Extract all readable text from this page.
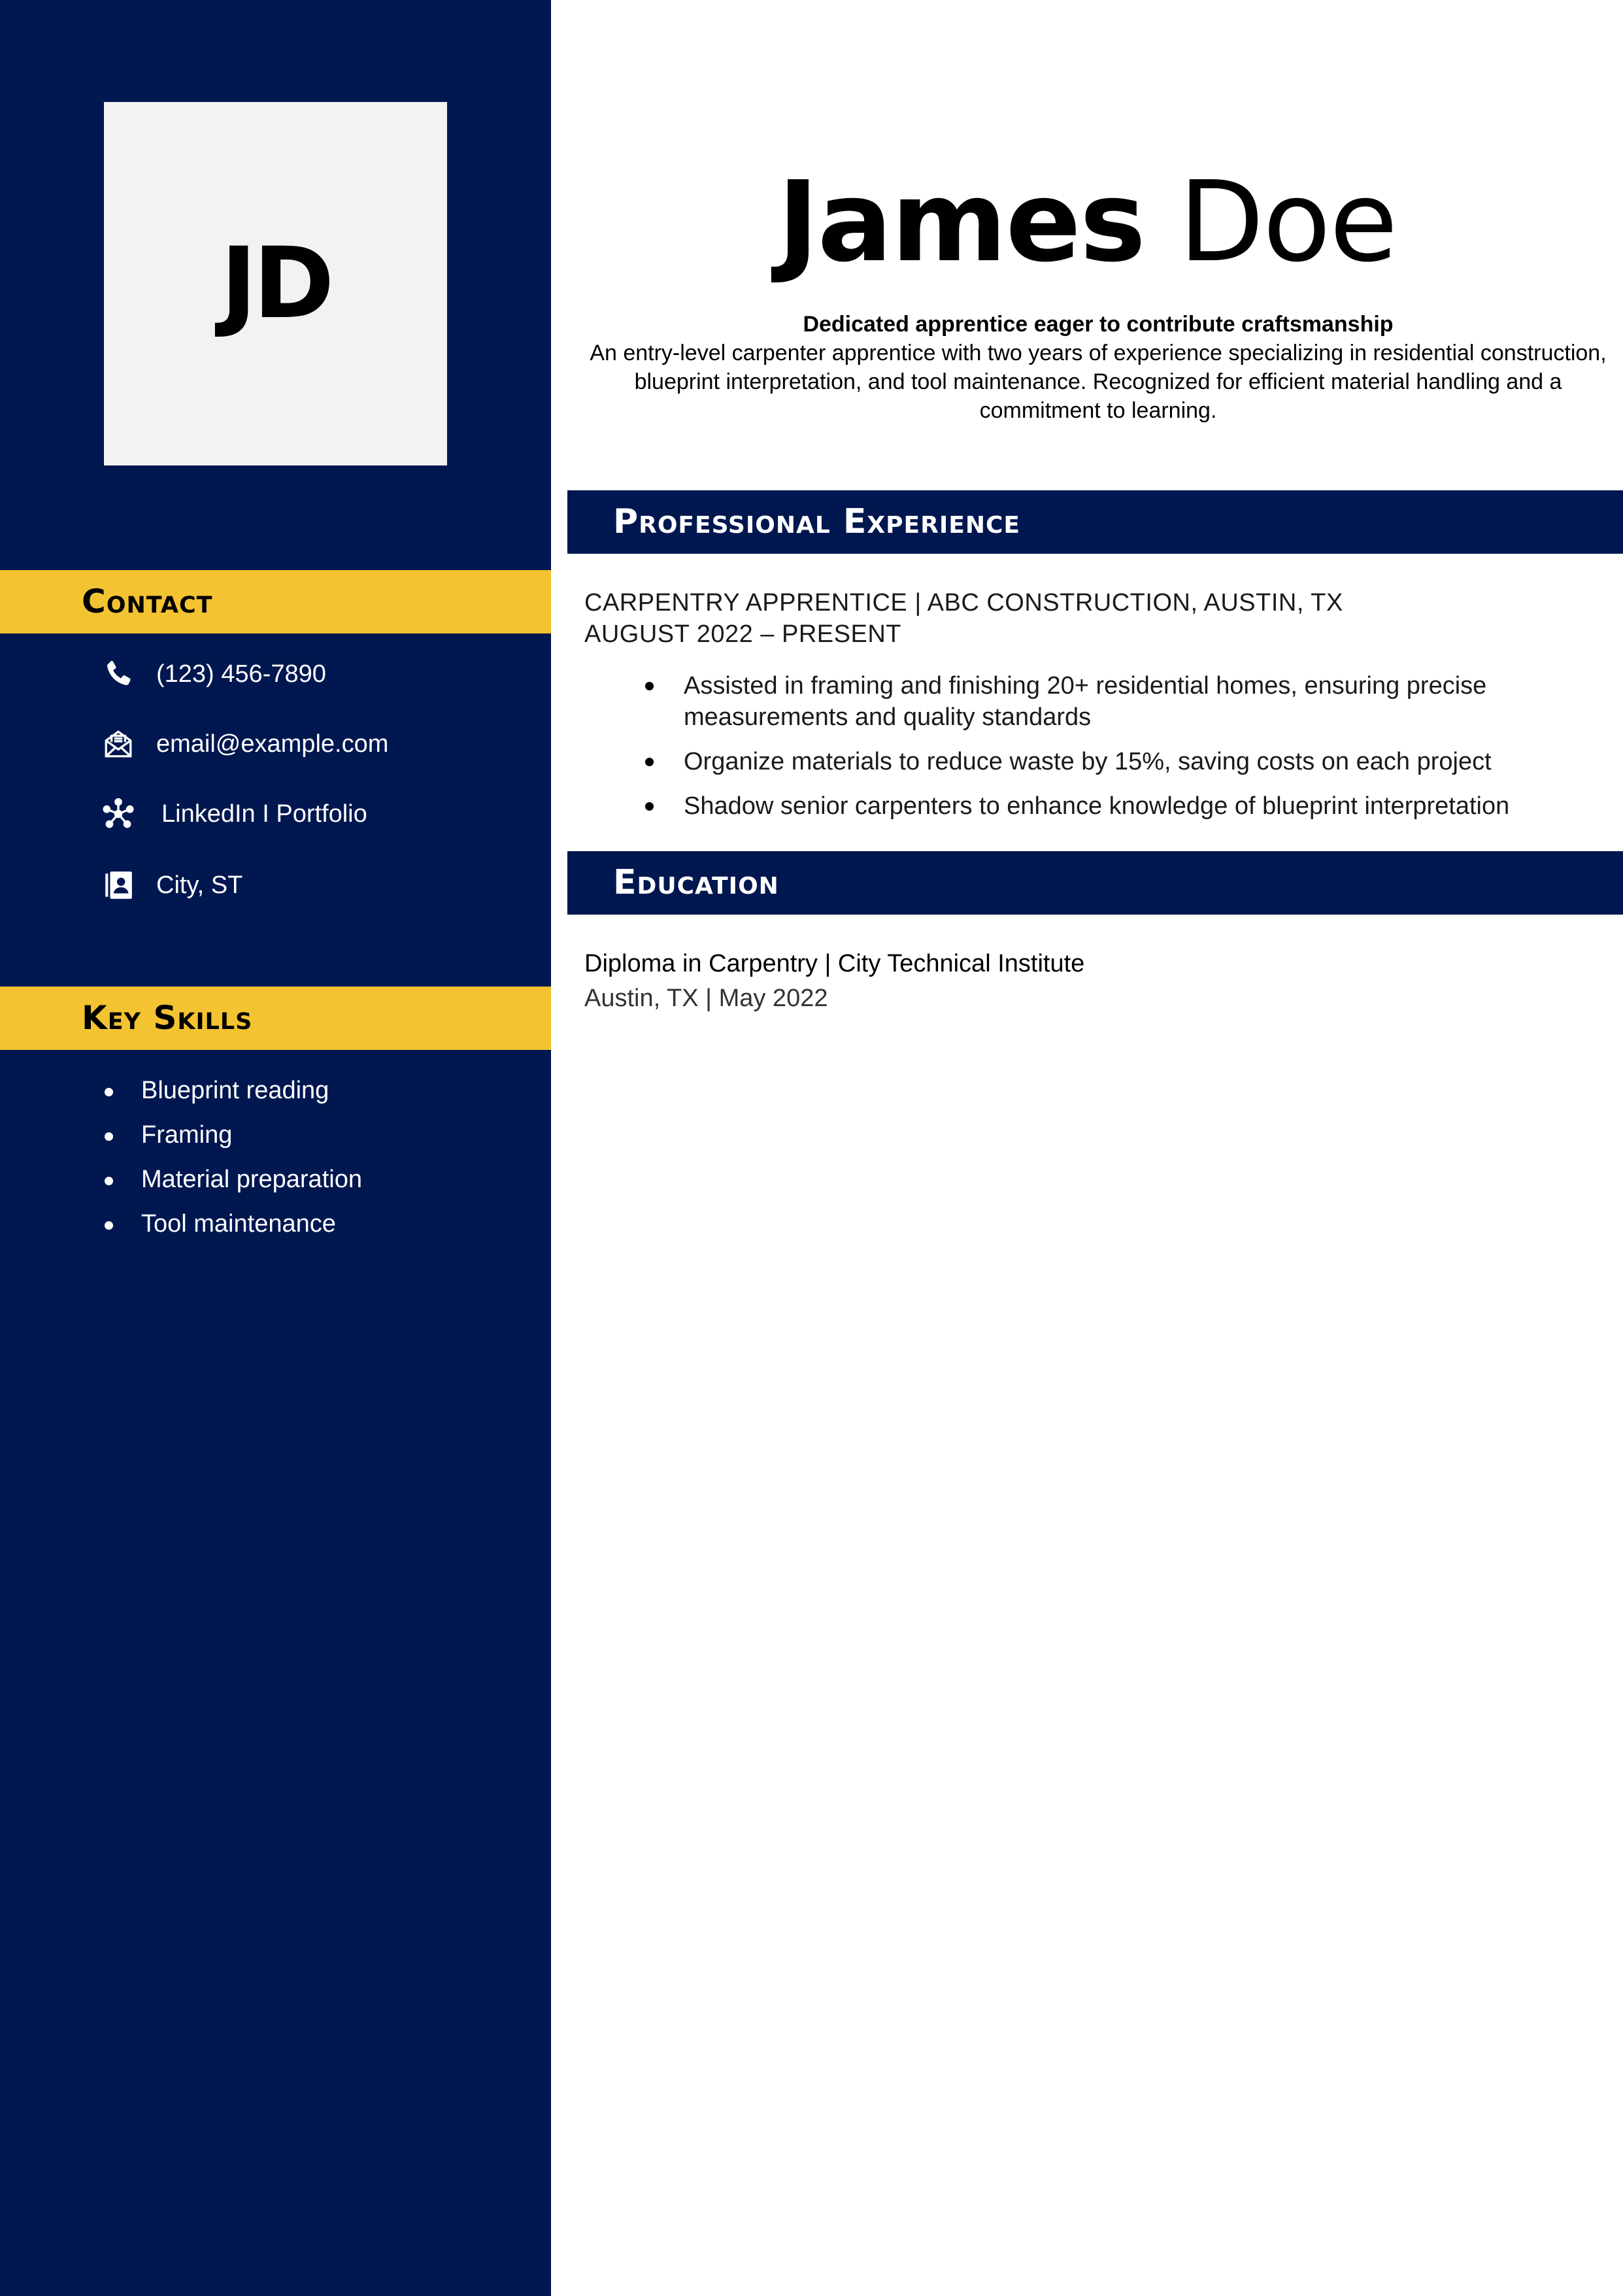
JD
Contact
(123) 456-7890
email@example.com
LinkedIn I Portfolio
City, ST
Key Skills
Blueprint reading
Framing
Material preparation
Tool maintenance
James Doe
Dedicated apprentice eager to contribute craftsmanship
An entry-level carpenter apprentice with two years of experience specializing in residential construction, blueprint interpretation, and tool maintenance. Recognized for efficient material handling and a commitment to learning.
Professional Experience
CARPENTRY APPRENTICE | ABC CONSTRUCTION, AUSTIN, TX
AUGUST 2022 – PRESENT
Assisted in framing and finishing 20+ residential homes, ensuring precise measurements and quality standards
Organize materials to reduce waste by 15%, saving costs on each project
Shadow senior carpenters to enhance knowledge of blueprint interpretation
Education
Diploma in Carpentry | City Technical Institute
Austin, TX | May 2022
